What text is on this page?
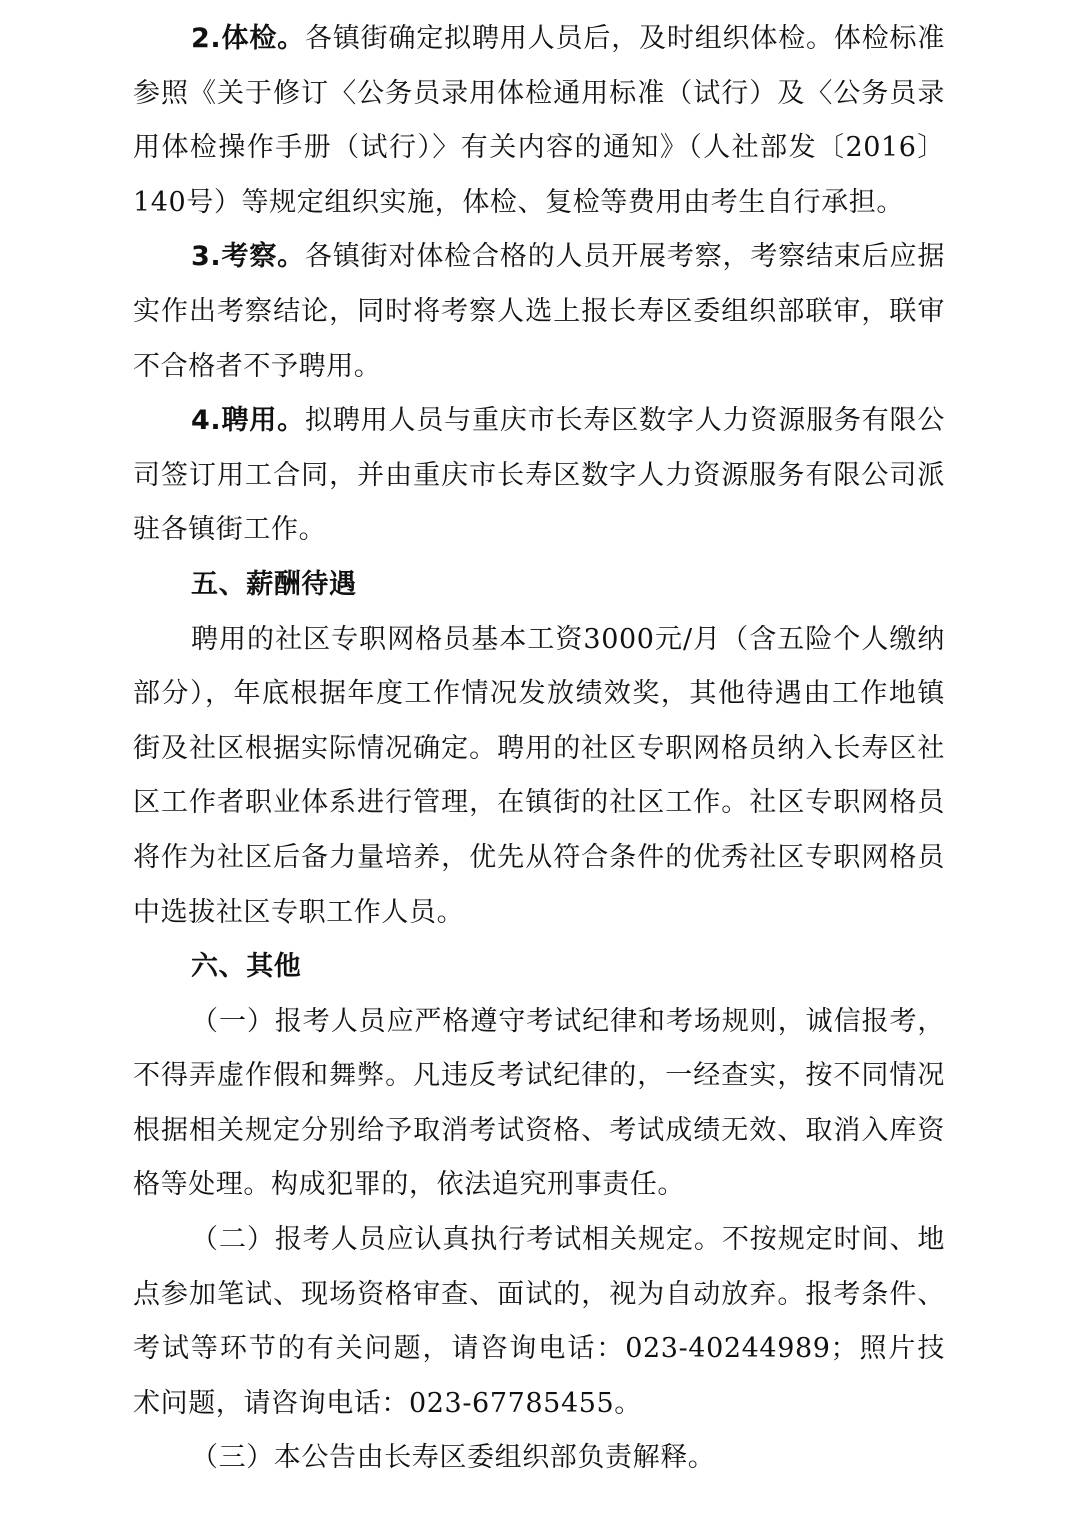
2.体检。各镇街确定拟聘用人员后，及时组织体检。体检标准参照《关于修订〈公务员录用体检通用标准（试行）及〈公务员录用体检操作手册（试行）〉有关内容的通知》（人社部发〔2016〕140号）等规定组织实施，体检、复检等费用由考生自行承担。

3.考察。各镇街对体检合格的人员开展考察，考察结束后应据实作出考察结论，同时将考察人选上报长寿区委组织部联审，联审不合格者不予聘用。

4.聘用。拟聘用人员与重庆市长寿区数字人力资源服务有限公司签订用工合同，并由重庆市长寿区数字人力资源服务有限公司派驻各镇街工作。

五、薪酬待遇

聘用的社区专职网格员基本工资3000元/月（含五险个人缴纳部分），年底根据年度工作情况发放绩效奖，其他待遇由工作地镇街及社区根据实际情况确定。聘用的社区专职网格员纳入长寿区社区工作者职业体系进行管理，在镇街的社区工作。社区专职网格员将作为社区后备力量培养，优先从符合条件的优秀社区专职网格员中选拔社区专职工作人员。

六、其他

（一）报考人员应严格遵守考试纪律和考场规则，诚信报考，不得弄虚作假和舞弊。凡违反考试纪律的，一经查实，按不同情况根据相关规定分别给予取消考试资格、考试成绩无效、取消入库资格等处理。构成犯罪的，依法追究刑事责任。

（二）报考人员应认真执行考试相关规定。不按规定时间、地点参加笔试、现场资格审查、面试的，视为自动放弃。报考条件、考试等环节的有关问题，请咨询电话：023-40244989；照片技术问题，请咨询电话：023-67785455。

（三）本公告由长寿区委组织部负责解释。
